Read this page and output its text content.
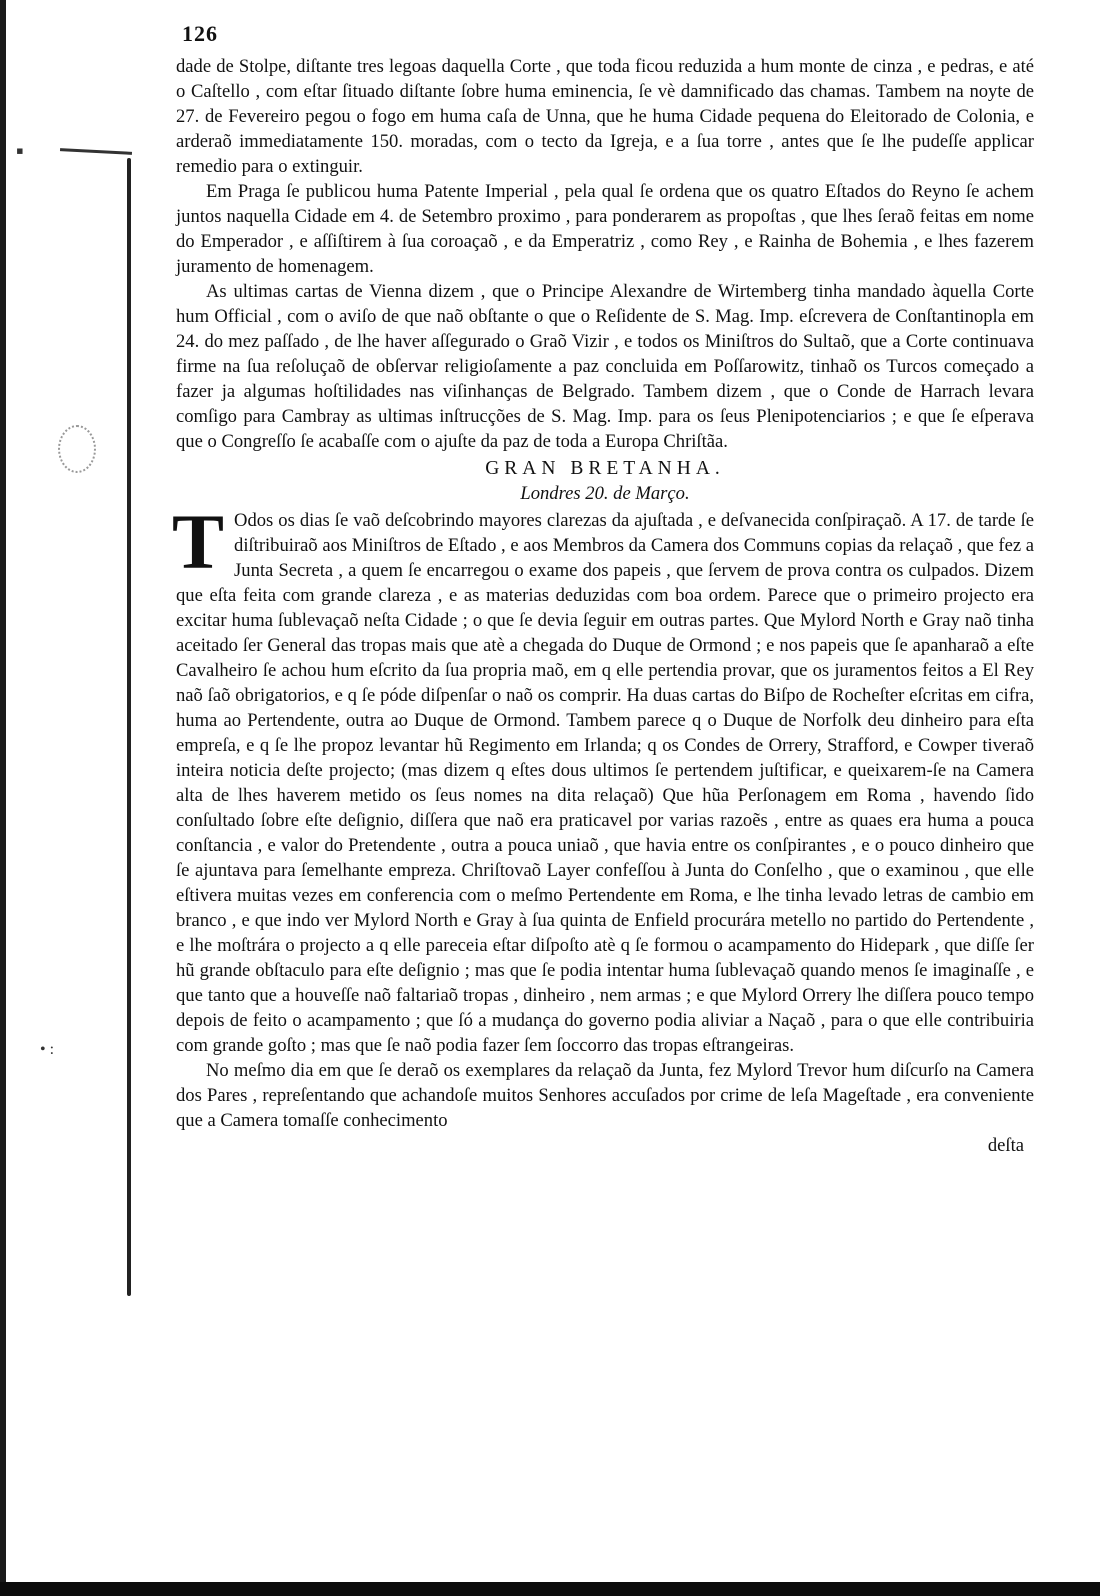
▪
• :
126

dade de Stolpe, diſtante tres legoas daquella Corte , que toda ficou reduzida a hum monte de cinza , e pedras, e até o Caſtello , com eſtar ſituado diſtante ſobre huma eminencia, ſe vè damnificado das chamas. Tambem na noyte de 27. de Fevereiro pegou o fogo em huma caſa de Unna, que he huma Cidade pequena do Eleitorado de Colonia, e arderaõ immediatamente 150. moradas, com o tecto da Igreja, e a ſua torre , antes que ſe lhe pudeſſe applicar remedio para o extinguir.

Em Praga ſe publicou huma Patente Imperial , pela qual ſe ordena que os quatro Eſtados do Reyno ſe achem juntos naquella Cidade em 4. de Setembro proximo , para ponderarem as propoſtas , que lhes ſeraõ feitas em nome do Emperador , e aſſiſtirem à ſua coroaçaõ , e da Emperatriz , como Rey , e Rainha de Bohemia , e lhes fazerem juramento de homenagem.

As ultimas cartas de Vienna dizem , que o Principe Alexandre de Wirtemberg tinha mandado àquella Corte hum Official , com o aviſo de que naõ obſtante o que o Reſidente de S. Mag. Imp. eſcrevera de Conſtantinopla em 24. do mez paſſado , de lhe haver aſſegurado o Graõ Vizir , e todos os Miniſtros do Sultaõ, que a Corte continuava firme na ſua reſoluçaõ de obſervar religioſamente a paz concluida em Poſſarowitz, tinhaõ os Turcos começado a fazer ja algumas hoſtilidades nas viſinhanças de Belgrado. Tambem dizem , que o Conde de Harrach levara comſigo para Cambray as ultimas inſtrucções de S. Mag. Imp. para os ſeus Plenipotenciarios ; e que ſe eſperava que o Congreſſo ſe acabaſſe com o ajuſte da paz de toda a Europa Chriſtãa.

GRAN BRETANHA.
Londres 20. de Março.

T Odos os dias ſe vaõ deſcobrindo mayores clarezas da ajuſtada , e deſvanecida conſpiraçaõ. A 17. de tarde ſe diſtribuiraõ aos Miniſtros de Eſtado , e aos Membros da Camera dos Communs copias da relaçaõ , que fez a Junta Secreta , a quem ſe encarregou o exame dos papeis , que ſervem de prova contra os culpados. Dizem que eſta feita com grande clareza , e as materias deduzidas com boa ordem. Parece que o primeiro projecto era excitar huma ſublevaçaõ neſta Cidade ; o que ſe devia ſeguir em outras partes. Que Mylord North e Gray naõ tinha aceitado ſer General das tropas mais que atè a chegada do Duque de Ormond ; e nos papeis que ſe apanharaõ a eſte Cavalheiro ſe achou hum eſcrito da ſua propria maõ, em q elle pertendia provar, que os juramentos feitos a El Rey naõ ſaõ obrigatorios, e q ſe póde diſpenſar o naõ os comprir. Ha duas cartas do Biſpo de Rocheſter eſcritas em cifra, huma ao Pertendente, outra ao Duque de Ormond. Tambem parece q o Duque de Norfolk deu dinheiro para eſta empreſa, e q ſe lhe propoz levantar hũ Regimento em Irlanda; q os Condes de Orrery, Strafford, e Cowper tiveraõ inteira noticia deſte projecto; (mas dizem q eſtes dous ultimos ſe pertendem juſtificar, e queixarem-ſe na Camera alta de lhes haverem metido os ſeus nomes na dita relaçaõ) Que hũa Perſonagem em Roma , havendo ſido conſultado ſobre eſte deſignio, diſſera que naõ era praticavel por varias razoẽs , entre as quaes era huma a pouca conſtancia , e valor do Pretendente , outra a pouca uniaõ , que havia entre os conſpirantes , e o pouco dinheiro que ſe ajuntava para ſemelhante empreza. Chriſtovaõ Layer confeſſou à Junta do Conſelho , que o examinou , que elle eſtivera muitas vezes em conferencia com o meſmo Pertendente em Roma, e lhe tinha levado letras de cambio em branco , e que indo ver Mylord North e Gray à ſua quinta de Enfield procurára metello no partido do Pertendente , e lhe moſtrára o projecto a q elle pareceia eſtar diſpoſto atè q ſe formou o acampamento do Hidepark , que diſſe ſer hũ grande obſtaculo para eſte deſignio ; mas que ſe podia intentar huma ſublevaçaõ quando menos ſe imaginaſſe , e que tanto que a houveſſe naõ faltariaõ tropas , dinheiro , nem armas ; e que Mylord Orrery lhe diſſera pouco tempo depois de feito o acampamento ; que ſó a mudança do governo podia aliviar a Naçaõ , para o que elle contribuiria com grande goſto ; mas que ſe naõ podia fazer ſem ſoccorro das tropas eſtrangeiras.

No meſmo dia em que ſe deraõ os exemplares da relaçaõ da Junta, fez Mylord Trevor hum diſcurſo na Camera dos Pares , repreſentando que achandoſe muitos Senhores accuſados por crime de leſa Mageſtade , era conveniente que a Camera tomaſſe conhecimento

deſta
